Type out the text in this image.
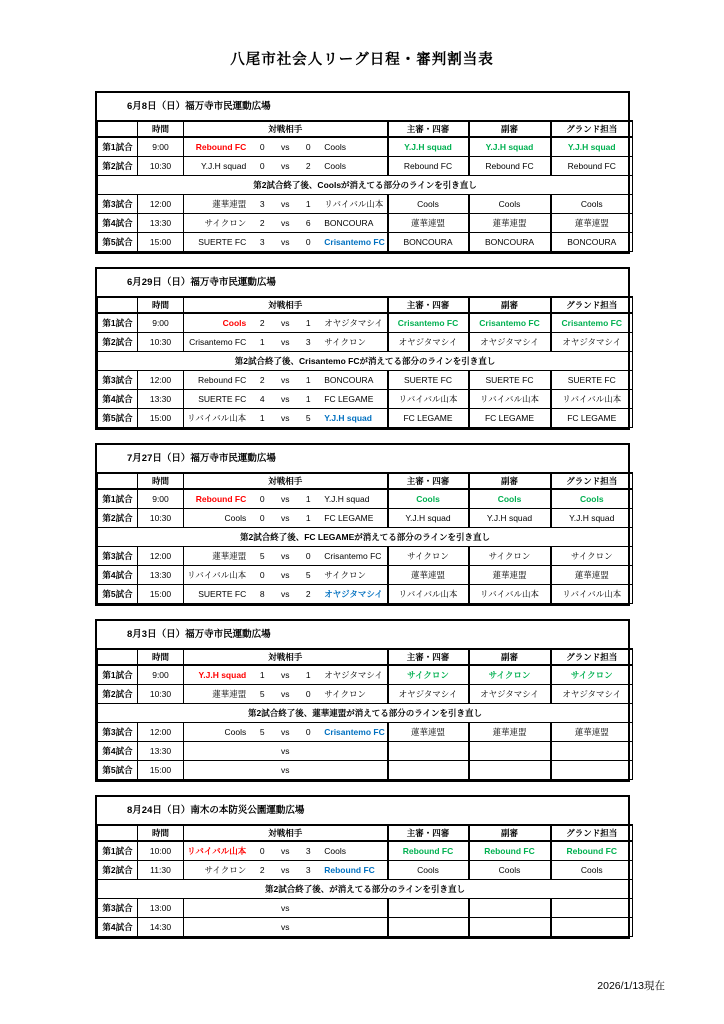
八尾市社会人リーグ日程・審判割当表
6月8日（日）福万寺市民運動広場
	時間	対戦相手	主審・四審	副審	グランド担当
第1試合	9:00	Rebound FC 0 vs 0 Cools	Y.J.H squad	Y.J.H squad	Y.J.H squad
第2試合	10:30	Y.J.H squad 0 vs 2 Cools	Rebound FC	Rebound FC	Rebound FC
第2試合終了後、Coolsが消えてる部分のラインを引き直し					
第3試合	12:00	蓮華連盟 3 vs 1 リバイバル山本	Cools	Cools	Cools
第4試合	13:30	サイクロン 2 vs 6 BONCOURA	蓮華連盟	蓮華連盟	蓮華連盟
第5試合	15:00	SUERTE FC 3 vs 0 Crisantemo FC	BONCOURA	BONCOURA	BONCOURA
6月29日（日）福万寺市民運動広場
	時間	対戦相手	主審・四審	副審	グランド担当
第1試合	9:00	Cools 2 vs 1 オヤジタマシイ	Crisantemo FC	Crisantemo FC	Crisantemo FC
第2試合	10:30	Crisantemo FC 1 vs 3 サイクロン	オヤジタマシイ	オヤジタマシイ	オヤジタマシイ
第2試合終了後、Crisantemo FCが消えてる部分のラインを引き直し					
第3試合	12:00	Rebound FC 2 vs 1 BONCOURA	SUERTE FC	SUERTE FC	SUERTE FC
第4試合	13:30	SUERTE FC 4 vs 1 FC LEGAME	リバイバル山本	リバイバル山本	リバイバル山本
第5試合	15:00	リバイバル山本 1 vs 5 Y.J.H squad	FC LEGAME	FC LEGAME	FC LEGAME
7月27日（日）福万寺市民運動広場
	時間	対戦相手	主審・四審	副審	グランド担当
第1試合	9:00	Rebound FC 0 vs 1 Y.J.H squad	Cools	Cools	Cools
第2試合	10:30	Cools 0 vs 1 FC LEGAME	Y.J.H squad	Y.J.H squad	Y.J.H squad
第2試合終了後、FC LEGAMEが消えてる部分のラインを引き直し					
第3試合	12:00	蓮華連盟 5 vs 0 Crisantemo FC	サイクロン	サイクロン	サイクロン
第4試合	13:30	リバイバル山本 0 vs 5 サイクロン	蓮華連盟	蓮華連盟	蓮華連盟
第5試合	15:00	SUERTE FC 8 vs 2 オヤジタマシイ	リバイバル山本	リバイバル山本	リバイバル山本
8月3日（日）福万寺市民運動広場
	時間	対戦相手	主審・四審	副審	グランド担当
第1試合	9:00	Y.J.H squad 1 vs 1 オヤジタマシイ	サイクロン	サイクロン	サイクロン
第2試合	10:30	蓮華連盟 5 vs 0 サイクロン	オヤジタマシイ	オヤジタマシイ	オヤジタマシイ
第2試合終了後、蓮華連盟が消えてる部分のラインを引き直し					
第3試合	12:00	Cools 5 vs 0 Crisantemo FC	蓮華連盟	蓮華連盟	蓮華連盟
第4試合	13:30	vs			

第5試合	15:00	vs			

8月24日（日）南木の本防災公園運動広場
	時間	対戦相手	主審・四審	副審	グランド担当
第1試合	10:00	リバイバル山本 0 vs 3 Cools	Rebound FC	Rebound FC	Rebound FC
第2試合	11:30	サイクロン 2 vs 3 Rebound FC	Cools	Cools	Cools
第2試合終了後、が消えてる部分のラインを引き直し					
第3試合	13:00	vs			

第4試合	14:30	vs			

2026/1/13現在
